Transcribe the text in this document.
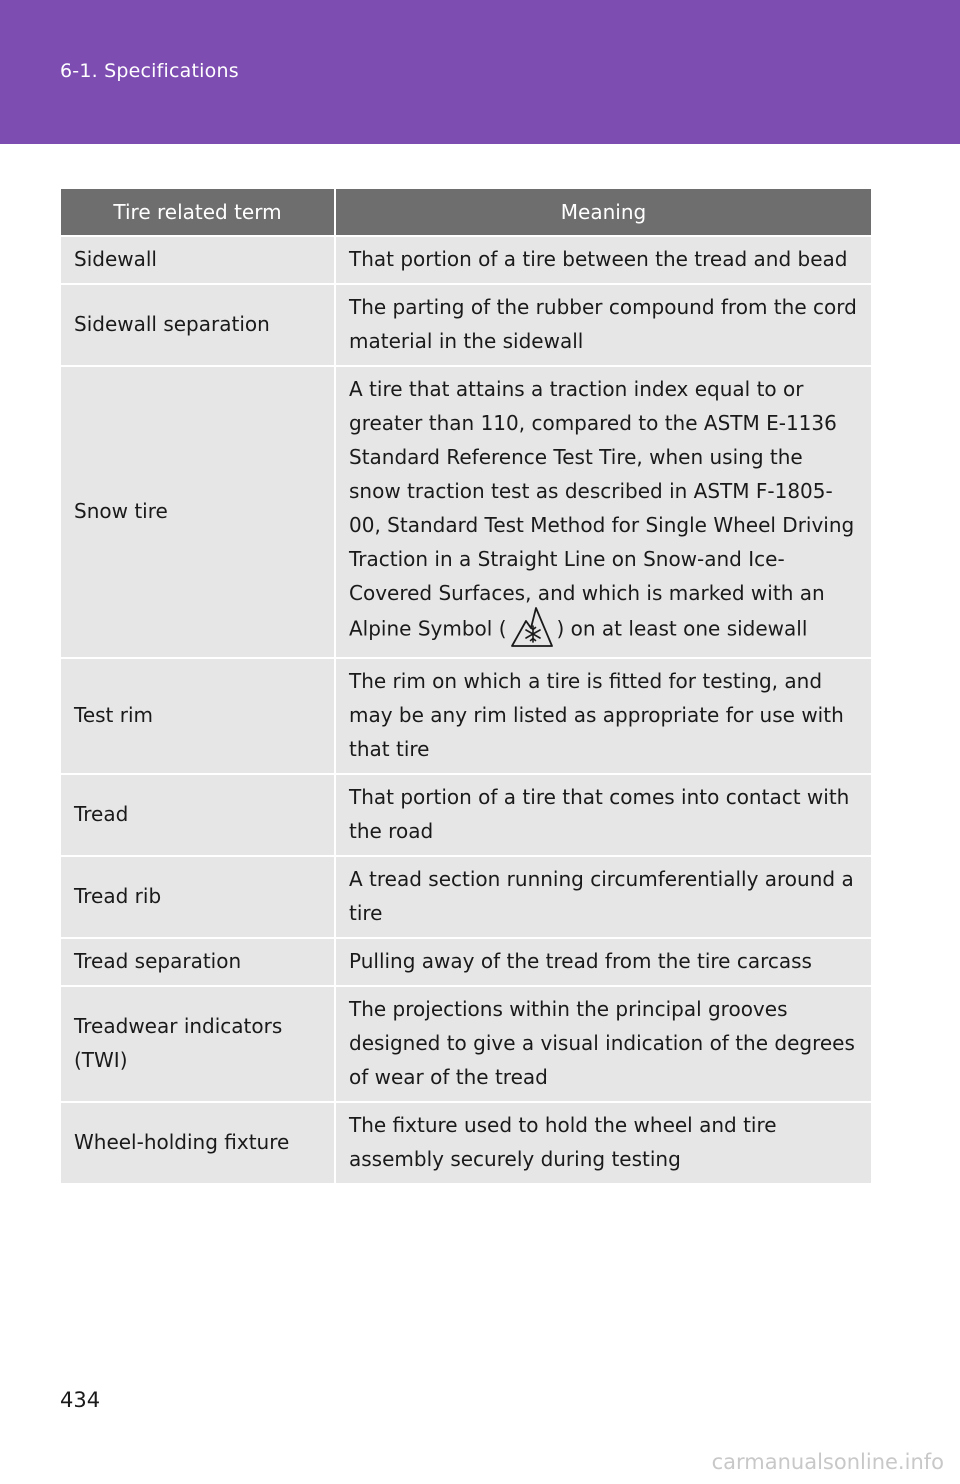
6-1. Specifications
Tire related term	Meaning
Sidewall	That portion of a tire between the tread and bead
Sidewall separation	The parting of the rubber compound from the cord material in the sidewall
Snow tire	A tire that attains a traction index equal to or greater than 110, compared to the ASTM E-1136 Standard Reference Test Tire, when using the snow traction test as described in ASTM F-1805-00, Standard Test Method for Single Wheel Driving Traction in a Straight Line on Snow-and Ice-Covered Surfaces, and which is marked with an Alpine Symbol ( ) on at least one sidewall
Test rim	The rim on which a tire is fitted for testing, and may be any rim listed as appropriate for use with that tire
Tread	That portion of a tire that comes into contact with the road
Tread rib	A tread section running circumferentially around a tire
Tread separation	Pulling away of the tread from the tire carcass
Treadwear indicators (TWI)	The projections within the principal grooves designed to give a visual indication of the degrees of wear of the tread
Wheel-holding fixture	The fixture used to hold the wheel and tire assembly securely during testing
434
carmanualsonline.info
